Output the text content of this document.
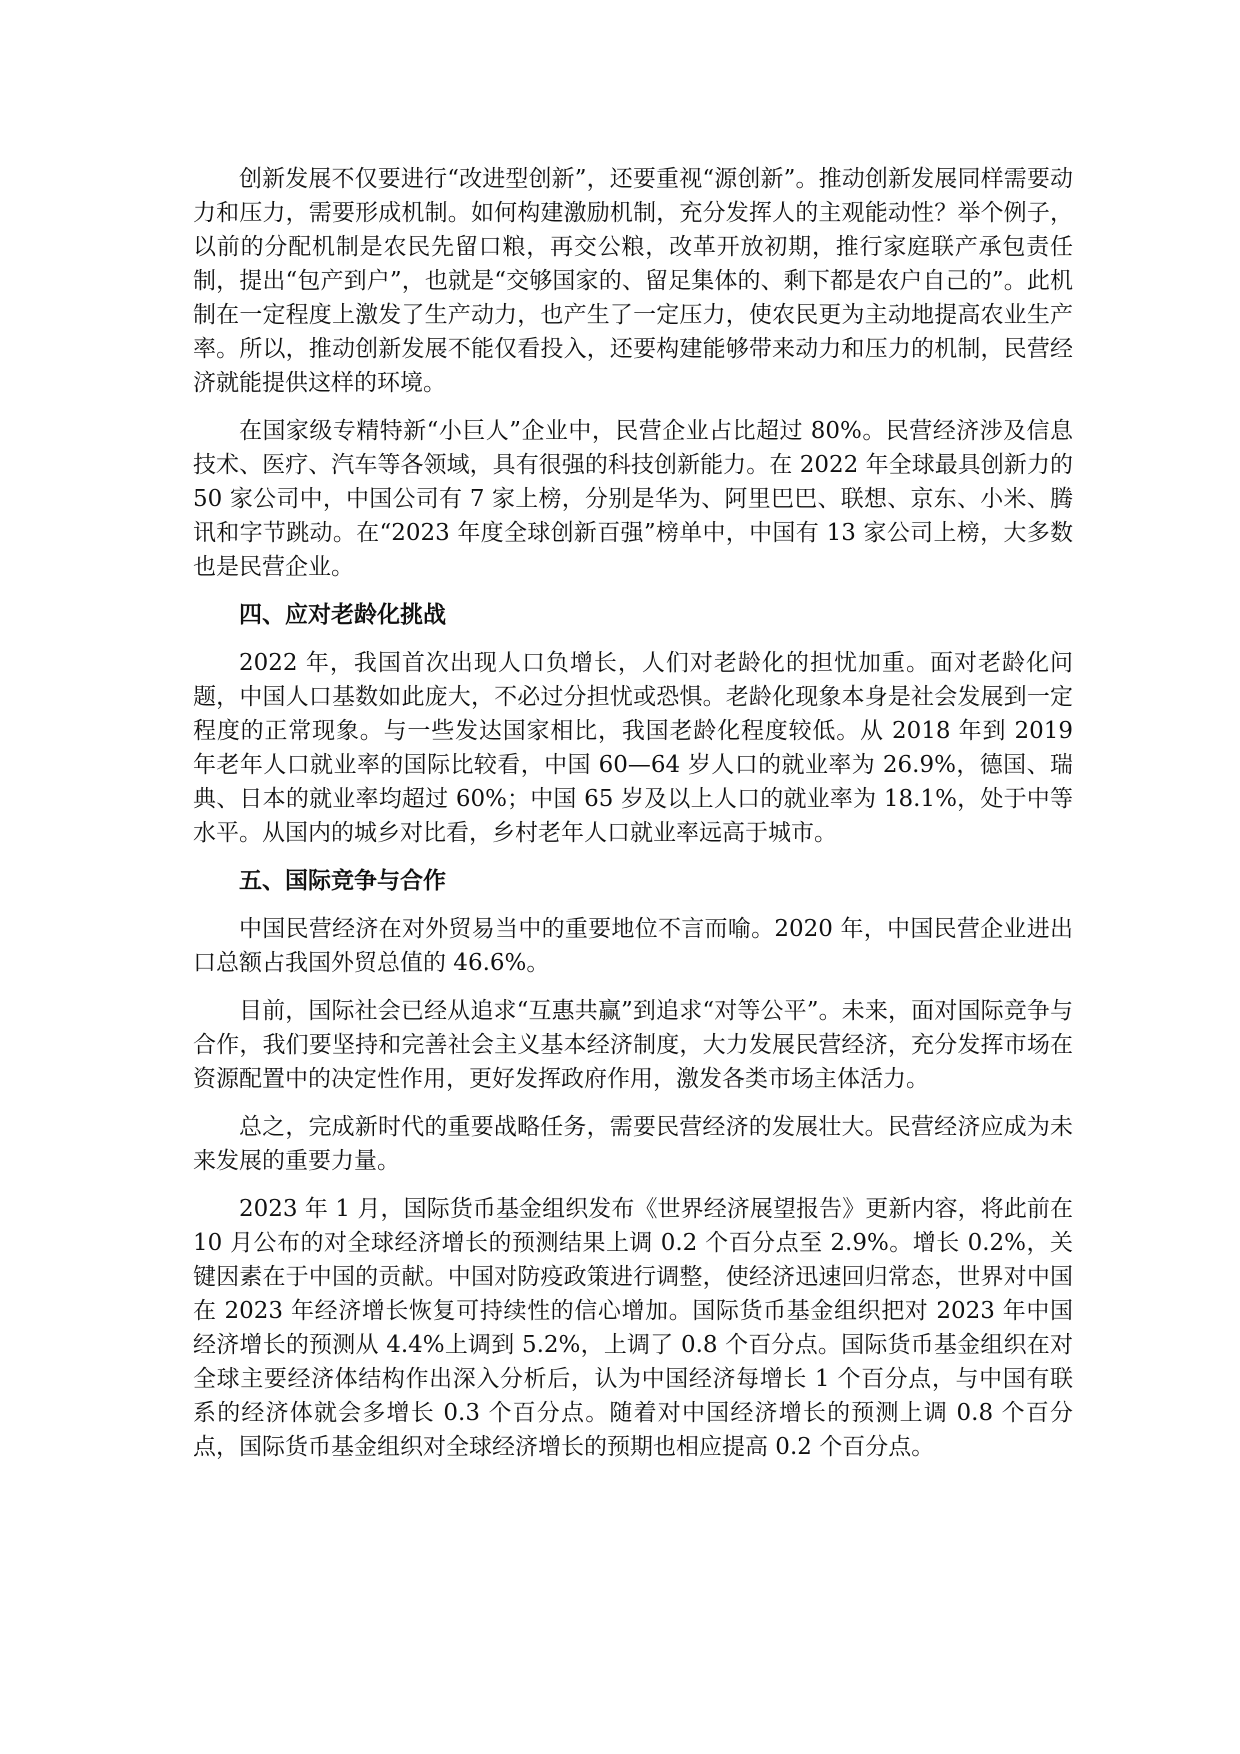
创新发展不仅要进行“改进型创新”，还要重视“源创新”。推动创新发展同样需要动力和压力，需要形成机制。如何构建激励机制，充分发挥人的主观能动性？举个例子，以前的分配机制是农民先留口粮，再交公粮，改革开放初期，推行家庭联产承包责任制，提出“包产到户”，也就是“交够国家的、留足集体的、剩下都是农户自己的”。此机制在一定程度上激发了生产动力，也产生了一定压力，使农民更为主动地提高农业生产率。所以，推动创新发展不能仅看投入，还要构建能够带来动力和压力的机制，民营经济就能提供这样的环境。

在国家级专精特新“小巨人”企业中，民营企业占比超过 80%。民营经济涉及信息技术、医疗、汽车等各领域，具有很强的科技创新能力。在 2022 年全球最具创新力的 50 家公司中，中国公司有 7 家上榜，分别是华为、阿里巴巴、联想、京东、小米、腾讯和字节跳动。在“2023 年度全球创新百强”榜单中，中国有 13 家公司上榜，大多数也是民营企业。

四、应对老龄化挑战

2022 年，我国首次出现人口负增长，人们对老龄化的担忧加重。面对老龄化问题，中国人口基数如此庞大，不必过分担忧或恐惧。老龄化现象本身是社会发展到一定程度的正常现象。与一些发达国家相比，我国老龄化程度较低。从 2018 年到 2019 年老年人口就业率的国际比较看，中国 60—64 岁人口的就业率为 26.9%，德国、瑞典、日本的就业率均超过 60%；中国 65 岁及以上人口的就业率为 18.1%，处于中等水平。从国内的城乡对比看，乡村老年人口就业率远高于城市。

五、国际竞争与合作

中国民营经济在对外贸易当中的重要地位不言而喻。2020 年，中国民营企业进出口总额占我国外贸总值的 46.6%。

目前，国际社会已经从追求“互惠共赢”到追求“对等公平”。未来，面对国际竞争与合作，我们要坚持和完善社会主义基本经济制度，大力发展民营经济，充分发挥市场在资源配置中的决定性作用，更好发挥政府作用，激发各类市场主体活力。

总之，完成新时代的重要战略任务，需要民营经济的发展壮大。民营经济应成为未来发展的重要力量。

2023 年 1 月，国际货币基金组织发布《世界经济展望报告》更新内容，将此前在 10 月公布的对全球经济增长的预测结果上调 0.2 个百分点至 2.9%。增长 0.2%，关键因素在于中国的贡献。中国对防疫政策进行调整，使经济迅速回归常态，世界对中国在 2023 年经济增长恢复可持续性的信心增加。国际货币基金组织把对 2023 年中国经济增长的预测从 4.4%上调到 5.2%，上调了 0.8 个百分点。国际货币基金组织在对全球主要经济体结构作出深入分析后，认为中国经济每增长 1 个百分点，与中国有联系的经济体就会多增长 0.3 个百分点。随着对中国经济增长的预测上调 0.8 个百分点，国际货币基金组织对全球经济增长的预期也相应提高 0.2 个百分点。
